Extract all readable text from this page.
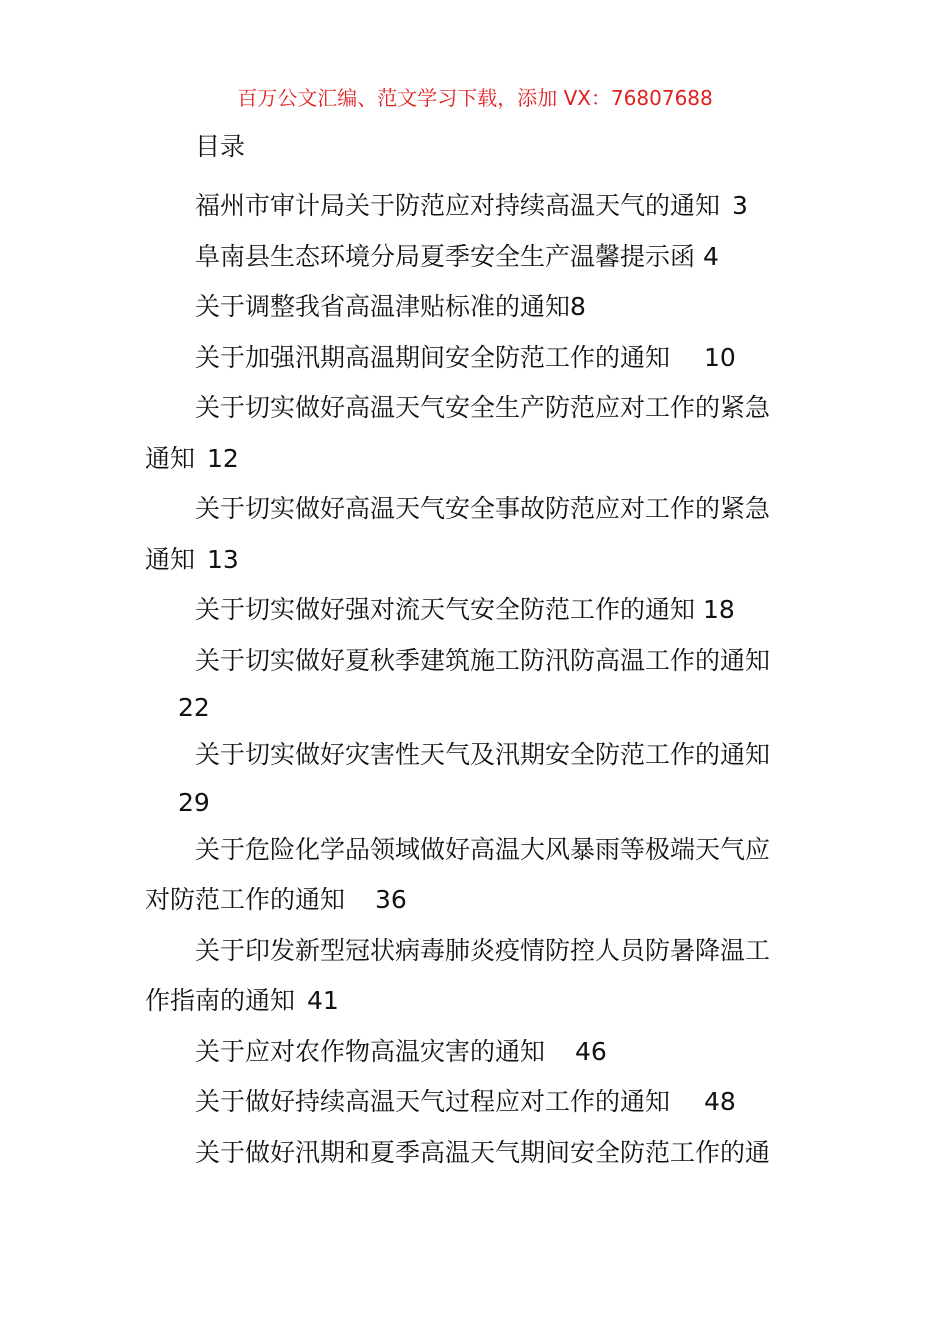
百万公文汇编、范文学习下载，添加 VX：76807688
目录
福州市审计局关于防范应对持续高温天气的通知 3
阜南县生态环境分局夏季安全生产温馨提示函 4
关于调整我省高温津贴标准的通知8
关于加强汛期高温期间安全防范工作的通知 10
关于切实做好高温天气安全生产防范应对工作的紧急
通知 12
关于切实做好高温天气安全事故防范应对工作的紧急
通知 13
关于切实做好强对流天气安全防范工作的通知 18
关于切实做好夏秋季建筑施工防汛防高温工作的通知
22
关于切实做好灾害性天气及汛期安全防范工作的通知
29
关于危险化学品领域做好高温大风暴雨等极端天气应
对防范工作的通知 36
关于印发新型冠状病毒肺炎疫情防控人员防暑降温工
作指南的通知 41
关于应对农作物高温灾害的通知 46
关于做好持续高温天气过程应对工作的通知 48
关于做好汛期和夏季高温天气期间安全防范工作的通
